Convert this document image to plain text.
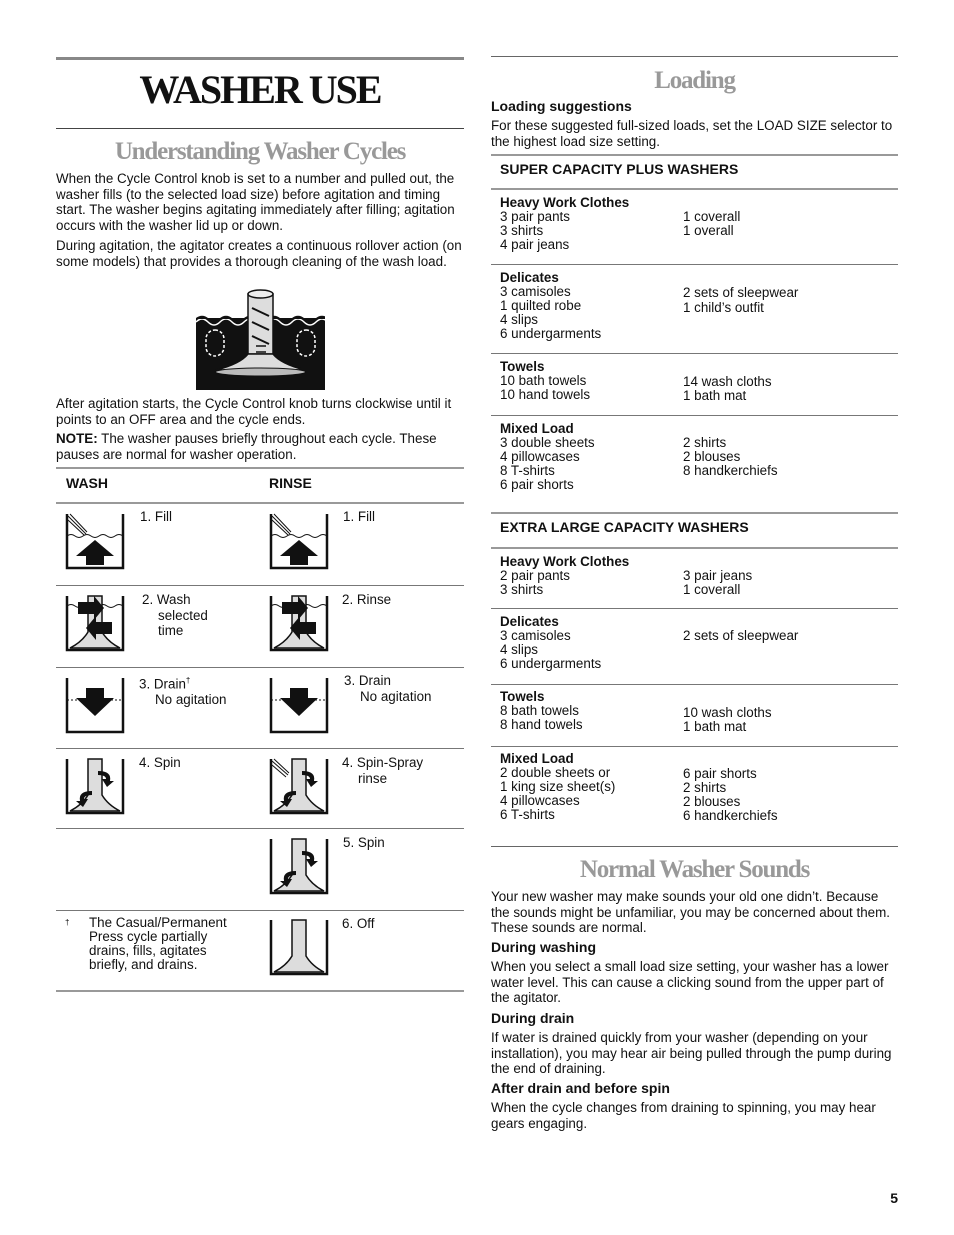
WASHER USE
Understanding Washer Cycles
When the Cycle Control knob is set to a number and pulled out, the washer fills (to the selected load size) before agitation and timing start. The washer begins agitating immediately after filling; agitation occurs with the washer lid up or down.
During agitation, the agitator creates a continuous rollover action (on some models) that provides a thorough cleaning of the wash load.
After agitation starts, the Cycle Control knob turns clockwise until it points to an OFF area and the cycle ends.
NOTE: The washer pauses briefly throughout each cycle. These pauses are normal for washer operation.
WASH	RINSE
1. Fill
2. Wash
selected
time
3. Drain†
No agitation
4. Spin
† The Casual/Permanent
Press cycle partially
drains, fills, agitates
briefly, and drains.
1. Fill
2. Rinse
3. Drain
No agitation
4. Spin-Spray
rinse
5. Spin
6. Off
Loading
Loading suggestions
For these suggested full-sized loads, set the LOAD SIZE selector to the highest load size setting.
SUPER CAPACITY PLUS WASHERS
Heavy Work Clothes
3 pair pants
3 shirts
4 pair jeans
1 coverall
1 overall
Delicates
3 camisoles
1 quilted robe
4 slips
6 undergarments
2 sets of sleepwear
1 child’s outfit
Towels
10 bath towels
10 hand towels
14 wash cloths
1 bath mat
Mixed Load
3 double sheets
4 pillowcases
8 T-shirts
6 pair shorts
2 shirts
2 blouses
8 handkerchiefs
EXTRA LARGE CAPACITY WASHERS
Heavy Work Clothes
2 pair pants
3 shirts
3 pair jeans
1 coverall
Delicates
3 camisoles
4 slips
6 undergarments
2 sets of sleepwear
Towels
8 bath towels
8 hand towels
10 wash cloths
1 bath mat
Mixed Load
2 double sheets or
1 king size sheet(s)
4 pillowcases
6 T-shirts
6 pair shorts
2 shirts
2 blouses
6 handkerchiefs
Normal Washer Sounds
Your new washer may make sounds your old one didn’t. Because the sounds might be unfamiliar, you may be concerned about them. These sounds are normal.
During washing
When you select a small load size setting, your washer has a lower water level. This can cause a clicking sound from the upper part of the agitator.
During drain
If water is drained quickly from your washer (depending on your installation), you may hear air being pulled through the pump during the end of draining.
After drain and before spin
When the cycle changes from draining to spinning, you may hear gears engaging.
5
